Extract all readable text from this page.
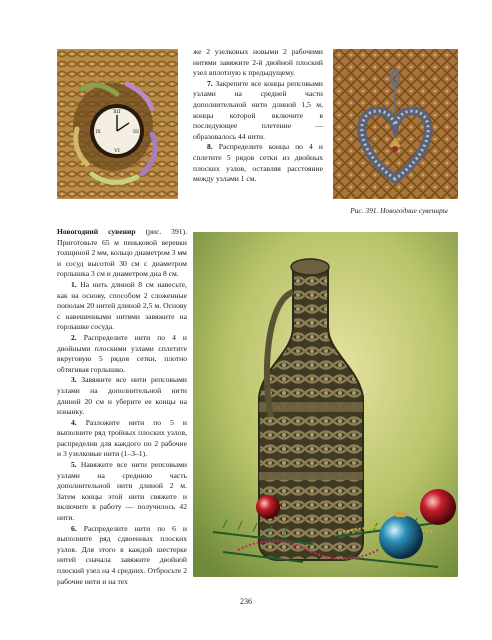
XII
III
VI
IX

же 2 узелковых новыми 2 рабочими нитями завяжите 2-й двойной плоский узел вплотную к предыдущему.

7. Закрепите все концы репсовыми узлами на средней части дополнительной нити длиной 1,5 м, концы которой включите в последующее плетение — образовалось 44 нити.

8. Распределите концы по 4 и сплетите 5 рядов сетки из двойных плоских узлов, оставляя расстояние между узлами 1 см.

Рис. 391. Новогодние сувениры

Новогодний сувенир (рис. 391). Приготовьте 65 м пеньковой веревки толщиной 2 мм, кольцо диаметром 3 мм и сосуд высотой 30 см с диаметром горлышка 3 см и диаметром дна 8 см.

1. На нить длиной 8 см навесьте, как на основу, способом 2 сложенные пополам 20 нитей длиной 2,5 м. Основу с навешенными нитями завяжите на горлышке сосуда.

2. Распределите нити по 4 и двойными плоскими узлами сплетите вкруговую 5 рядов сетки, плотно обтягивая горлышко.

3. Завяжите все нити репсовыми узлами на дополнительной нити длиной 20 см и уберите ее концы на изнанку.

4. Разложите нити по 5 и выполните ряд тройных плоских узлов, распределив для каждого по 2 рабочие и 3 узелковые нити (1–3–1).

5. Навяжите все нити репсовыми узлами на среднюю часть дополнительной нити длиной 2 м. Затем концы этой нити свяжите и включите в работу — получилось 42 нити.

6. Распределите нити по 6 и выполните ряд сдвоенных плоских узлов. Для этого в каждой шестерке нитей сначала завяжите двойной плоский узел на 4 средних. Отбросьте 2 рабочие нити и на тех

236
